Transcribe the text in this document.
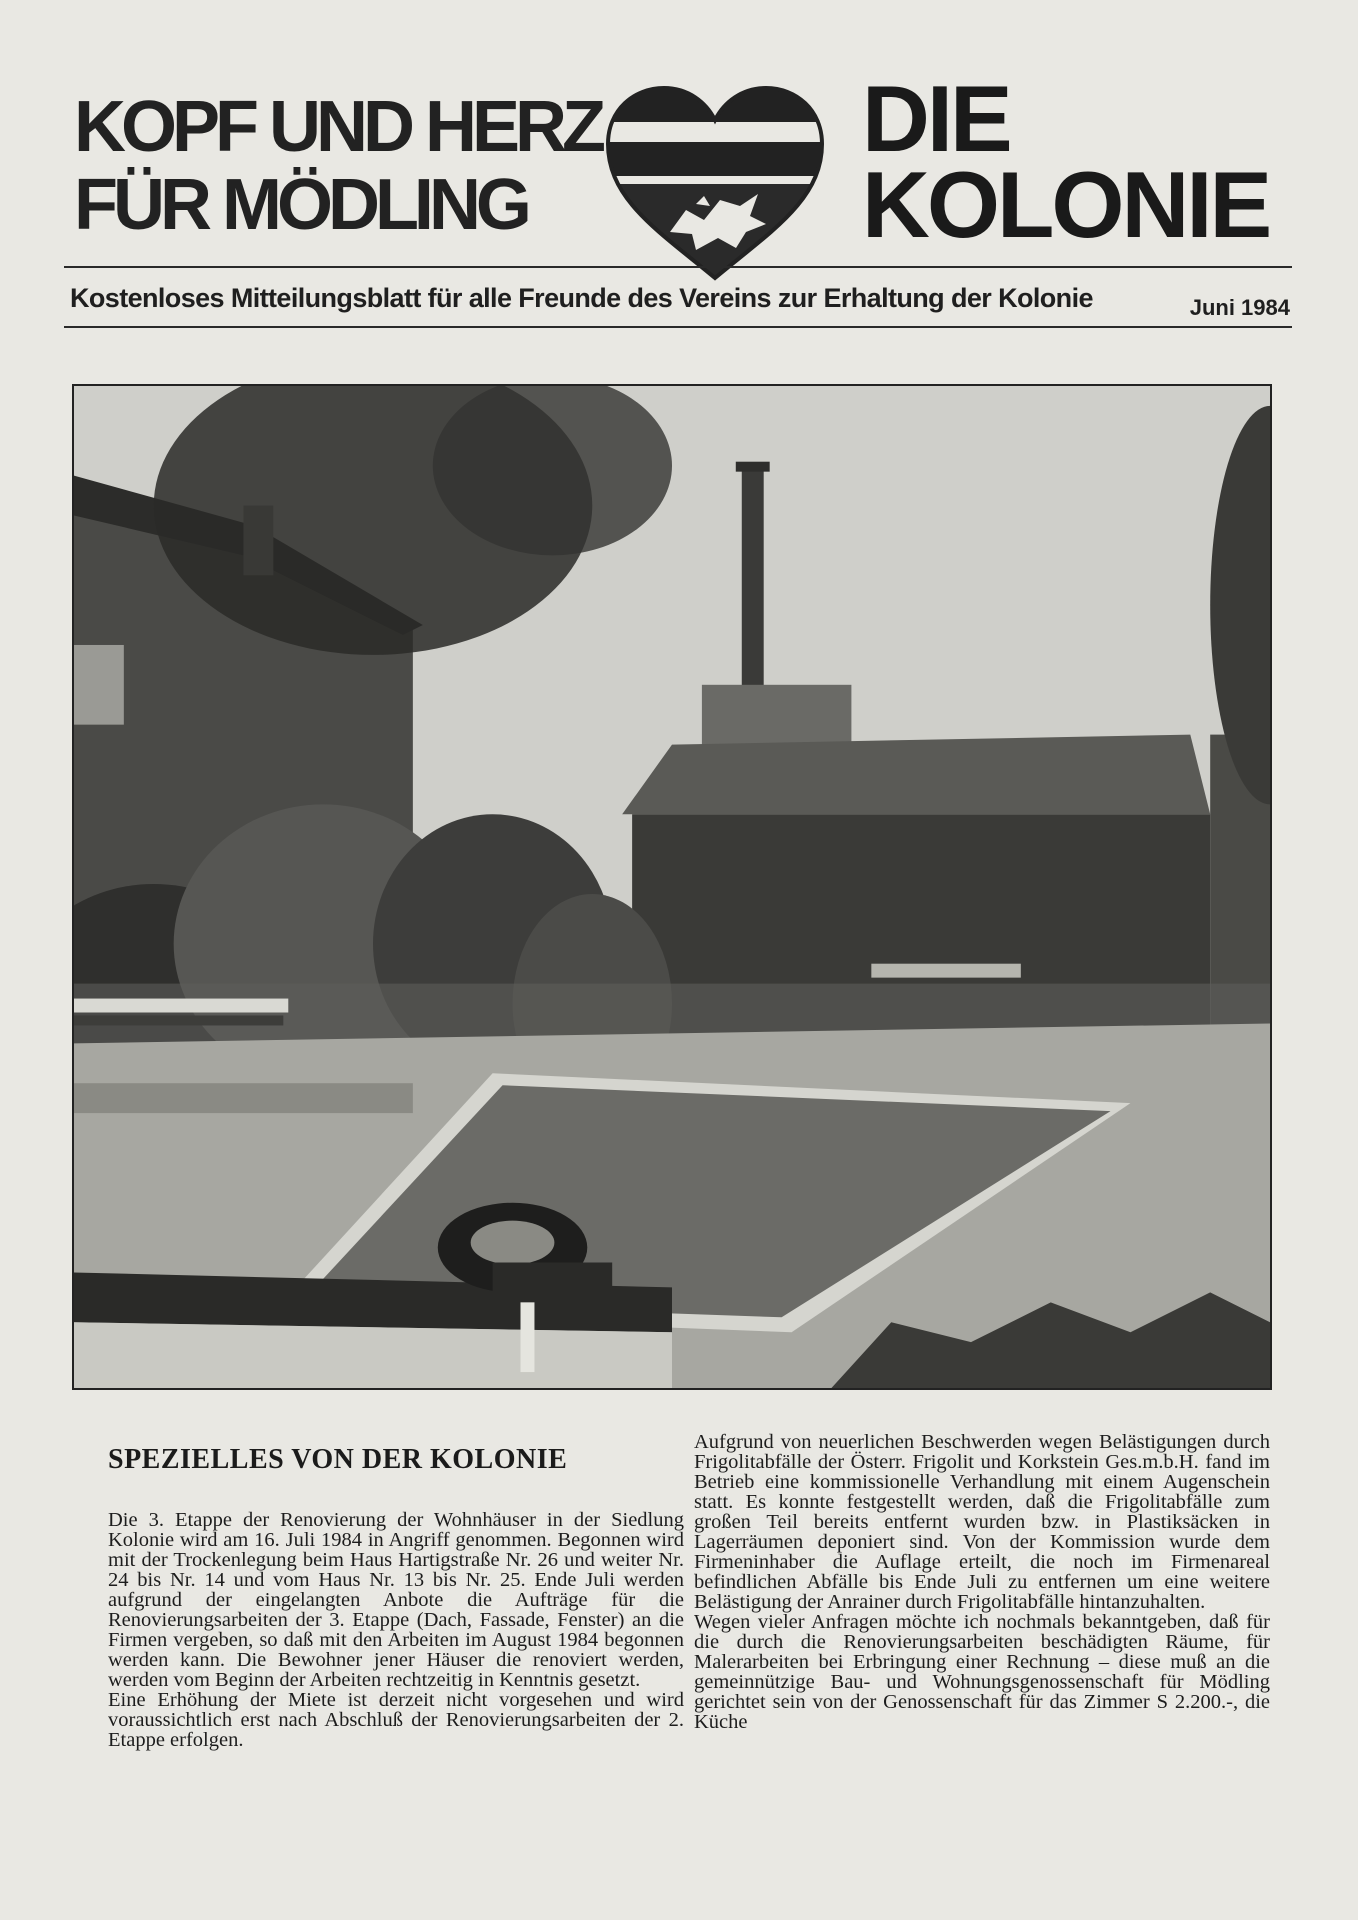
KOPF UND HERZ
FÜR MÖDLING
DIE
KOLONIE
Kostenloses Mitteilungsblatt für alle Freunde des Vereins zur Erhaltung der Kolonie	Juni 1984
SPEZIELLES VON DER KOLONIE

Die 3. Etappe der Renovierung der Wohnhäuser in der Siedlung Kolonie wird am 16. Juli 1984 in Angriff genommen. Begonnen wird mit der Trockenlegung beim Haus Hartigstraße Nr. 26 und weiter Nr. 24 bis Nr. 14 und vom Haus Nr. 13 bis Nr. 25. Ende Juli werden aufgrund der eingelangten Anbote die Aufträge für die Renovierungsarbeiten der 3. Etappe (Dach, Fassade, Fenster) an die Firmen vergeben, so daß mit den Arbeiten im August 1984 begonnen werden kann. Die Bewohner jener Häuser die renoviert werden, werden vom Beginn der Arbeiten rechtzeitig in Kenntnis gesetzt.

Eine Erhöhung der Miete ist derzeit nicht vorgesehen und wird voraussichtlich erst nach Abschluß der Renovierungsarbeiten der 2. Etappe erfolgen.

Aufgrund von neuerlichen Beschwerden wegen Belästigungen durch Frigolitabfälle der Österr. Frigolit und Korkstein Ges.m.b.H. fand im Betrieb eine kommissionelle Verhandlung mit einem Augenschein statt. Es konnte festgestellt werden, daß die Frigolitabfälle zum großen Teil bereits entfernt wurden bzw. in Plastiksäcken in Lagerräumen deponiert sind. Von der Kommission wurde dem Firmeninhaber die Auflage erteilt, die noch im Firmenareal befindlichen Abfälle bis Ende Juli zu entfernen um eine weitere Belästigung der Anrainer durch Frigolitabfälle hintanzuhalten.

Wegen vieler Anfragen möchte ich nochmals bekanntgeben, daß für die durch die Renovierungsarbeiten beschädigten Räume, für Malerarbeiten bei Erbringung einer Rechnung – diese muß an die gemeinnützige Bau- und Wohnungsgenossenschaft für Mödling gerichtet sein von der Genossenschaft für das Zimmer S 2.200.-, die Küche
